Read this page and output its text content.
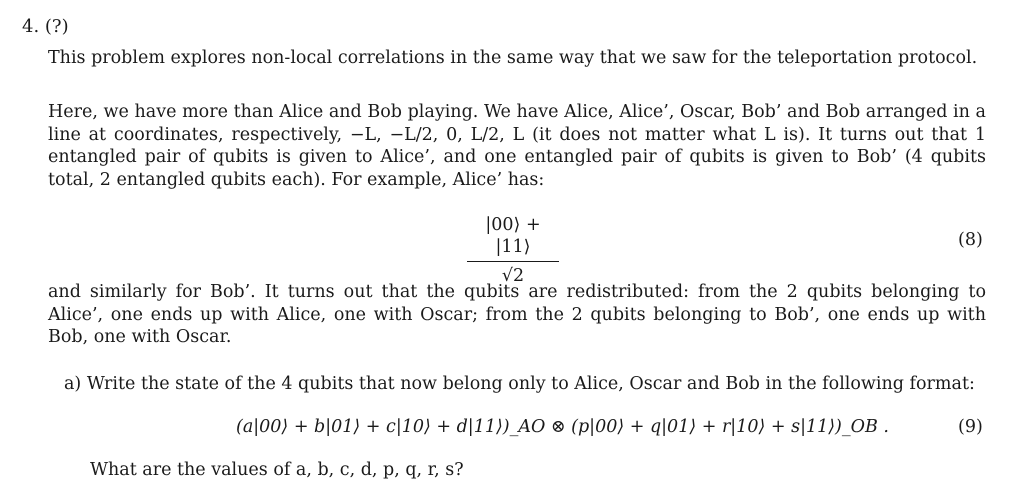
4. (?)
This problem explores non-local correlations in the same way that we saw for the teleportation protocol.
Here, we have more than Alice and Bob playing. We have Alice, Alice’, Oscar, Bob’ and Bob arranged in a line at coordinates, respectively, −L, −L/2, 0, L/2, L (it does not matter what L is). It turns out that 1 entangled pair of qubits is given to Alice’, and one entangled pair of qubits is given to Bob’ (4 qubits total, 2 entangled qubits each). For example, Alice’ has:
|00⟩ + |11⟩
√2
(8)
and similarly for Bob’. It turns out that the qubits are redistributed: from the 2 qubits belonging to Alice’, one ends up with Alice, one with Oscar; from the 2 qubits belonging to Bob’, one ends up with Bob, one with Oscar.
a) Write the state of the 4 qubits that now belong only to Alice, Oscar and Bob in the following format:
(a|00⟩ + b|01⟩ + c|10⟩ + d|11⟩)_AO ⊗ (p|00⟩ + q|01⟩ + r|10⟩ + s|11⟩)_OB .	(9)
What are the values of a, b, c, d, p, q, r, s?
